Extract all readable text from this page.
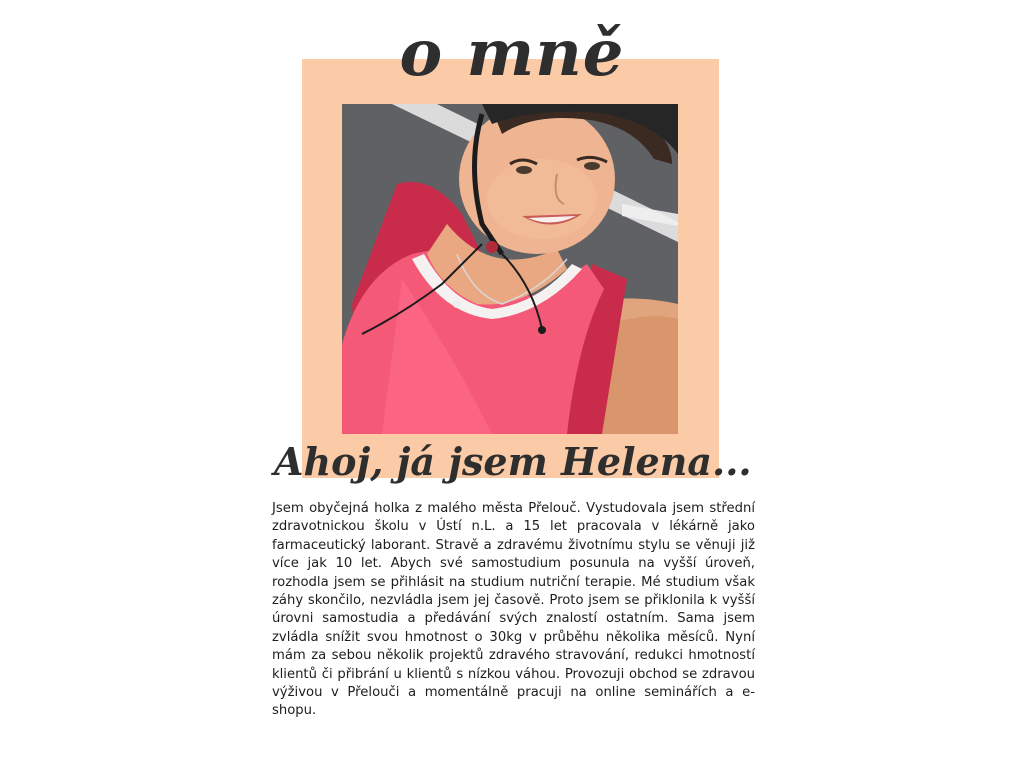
o mně
Ahoj, já jsem Helena...
Jsem obyčejná holka z malého města Přelouč. Vystudovala jsem střední zdravotnickou školu v Ústí n.L. a 15 let pracovala v lékárně jako farmaceutický laborant. Stravě a zdravému životnímu stylu se věnuji již více jak 10 let. Abych své samostudium posunula na vyšší úroveň, rozhodla jsem se přihlásit na studium nutriční terapie. Mé studium však záhy skončilo, nezvládla jsem jej časově. Proto jsem se přiklonila k vyšší úrovni samostudia a předávání svých znalostí ostatním. Sama jsem zvládla snížit svou hmotnost o 30kg v průběhu několika měsíců. Nyní mám za sebou několik projektů zdravého stravování, redukci hmotností klientů či přibrání u klientů s nízkou váhou. Provozuji obchod se zdravou výživou v Přelouči a momentálně pracuji na online seminářích a e-shopu.
